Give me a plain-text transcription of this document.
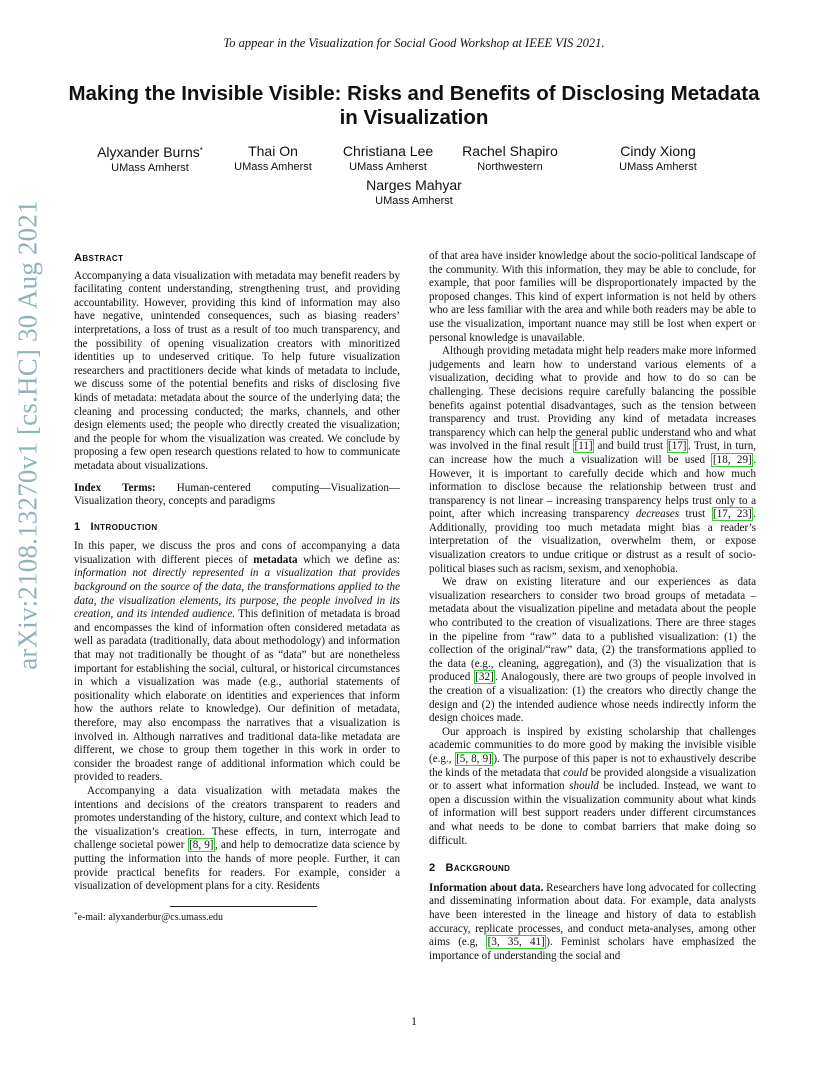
To appear in the Visualization for Social Good Workshop at IEEE VIS 2021.
Making the Invisible Visible: Risks and Benefits of Disclosing Metadata in Visualization
Alyxander Burns*
UMass Amherst
Thai On
UMass Amherst
Christiana Lee
UMass Amherst
Rachel Shapiro
Northwestern
Cindy Xiong
UMass Amherst
Narges Mahyar
UMass Amherst
arXiv:2108.13270v1 [cs.HC] 30 Aug 2021	Abstract

Accompanying a data visualization with metadata may benefit readers by facilitating content understanding, strengthening trust, and providing accountability. However, providing this kind of information may also have negative, unintended consequences, such as biasing readers’ interpretations, a loss of trust as a result of too much transparency, and the possibility of opening visualization creators with minoritized identities up to undeserved critique. To help future visualization researchers and practitioners decide what kinds of metadata to include, we discuss some of the potential benefits and risks of disclosing five kinds of metadata: metadata about the source of the underlying data; the cleaning and processing conducted; the marks, channels, and other design elements used; the people who directly created the visualization; and the people for whom the visualization was created. We conclude by proposing a few open research questions related to how to communicate metadata about visualizations.

Index Terms: Human-centered computing—Visualization—Visualization theory, concepts and paradigms

1 Introduction

In this paper, we discuss the pros and cons of accompanying a data visualization with different pieces of metadata which we define as: information not directly represented in a visualization that provides background on the source of the data, the transformations applied to the data, the visualization elements, its purpose, the people involved in its creation, and its intended audience. This definition of metadata is broad and encompasses the kind of information often considered metadata as well as paradata (traditionally, data about methodology) and information that may not traditionally be thought of as “data” but are nonetheless important for establishing the social, cultural, or historical circumstances in which a visualization was made (e.g., authorial statements of positionality which elaborate on identities and experiences that inform how the authors relate to knowledge). Our definition of metadata, therefore, may also encompass the narratives that a visualization is involved in. Although narratives and traditional data-like metadata are different, we chose to group them together in this work in order to consider the broadest range of additional information which could be provided to readers.

Accompanying a data visualization with metadata makes the intentions and decisions of the creators transparent to readers and promotes understanding of the history, culture, and context which lead to the visualization’s creation. These effects, in turn, interrogate and challenge societal power [8, 9] , and help to democratize data science by putting the information into the hands of more people. Further, it can provide practical benefits for readers. For example, consider a visualization of development plans for a city. Residents

*e-mail: alyxanderbur@cs.umass.edu

of that area have insider knowledge about the socio-political landscape of the community. With this information, they may be able to conclude, for example, that poor families will be disproportionately impacted by the proposed changes. This kind of expert information is not held by others who are less familiar with the area and while both readers may be able to use the visualization, important nuance may still be lost when expert or personal knowledge is unavailable.

Although providing metadata might help readers make more informed judgements and learn how to understand various elements of a visualization, deciding what to provide and how to do so can be challenging. These decisions require carefully balancing the possible benefits against potential disadvantages, such as the tension between transparency and trust. Providing any kind of metadata increases transparency which can help the general public understand who and what was involved in the final result [11] and build trust [17] . Trust, in turn, can increase how the much a visualization will be used [18, 29] . However, it is important to carefully decide which and how much information to disclose because the relationship between trust and transparency is not linear – increasing transparency helps trust only to a point, after which increasing transparency decreases trust [17, 23] . Additionally, providing too much metadata might bias a reader’s interpretation of the visualization, overwhelm them, or expose visualization creators to undue critique or distrust as a result of socio-political biases such as racism, sexism, and xenophobia.

We draw on existing literature and our experiences as data visualization researchers to consider two broad groups of metadata – metadata about the visualization pipeline and metadata about the people who contributed to the creation of visualizations. There are three stages in the pipeline from “raw” data to a published visualization: (1) the collection of the original/“raw” data, (2) the transformations applied to the data (e.g., cleaning, aggregation), and (3) the visualization that is produced [32] . Analogously, there are two groups of people involved in the creation of a visualization: (1) the creators who directly change the design and (2) the intended audience whose needs indirectly inform the design choices made.

Our approach is inspired by existing scholarship that challenges academic communities to do more good by making the invisible visible (e.g., [5, 8, 9] ). The purpose of this paper is not to exhaustively describe the kinds of the metadata that could be provided alongside a visualization or to assert what information should be included. Instead, we want to open a discussion within the visualization community about what kinds of information will best support readers under different circumstances and what needs to be done to combat barriers that make doing so difficult.

2 Background

Information about data. Researchers have long advocated for collecting and disseminating information about data. For example, data analysts have been interested in the lineage and history of data to establish accuracy, replicate processes, and conduct meta-analyses, among other aims (e.g, [3, 35, 41] ). Feminist scholars have emphasized the importance of understanding the social and

1
